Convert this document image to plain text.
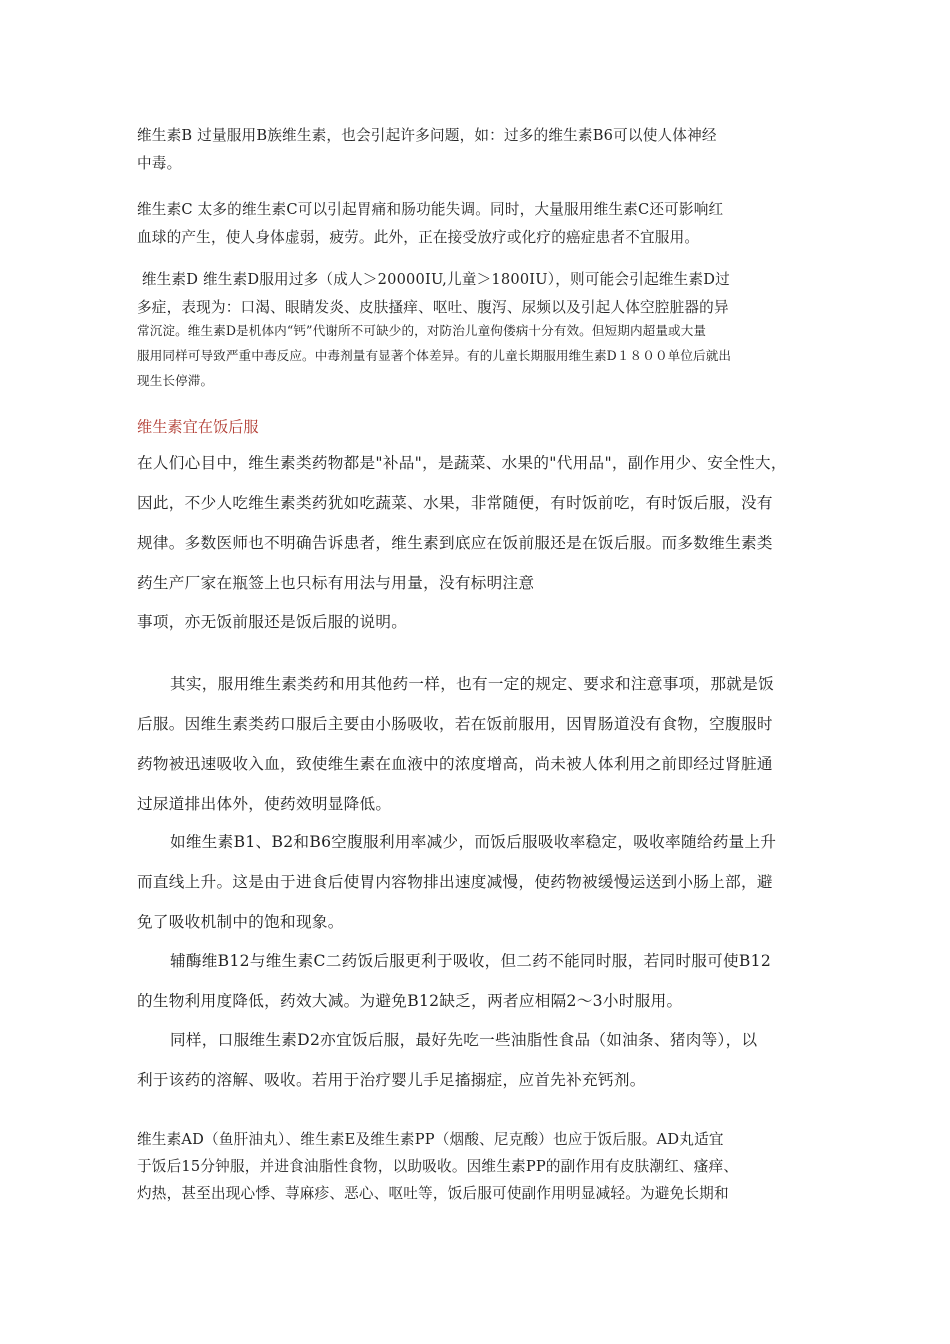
维生素B 过量服用B族维生素，也会引起许多问题，如：过多的维生素B6可以使人体神经
中毒。
维生素C 太多的维生素C可以引起胃痛和肠功能失调。同时，大量服用维生素C还可影响红
血球的产生，使人身体虚弱，疲劳。此外，正在接受放疗或化疗的癌症患者不宜服用。
维生素D 维生素D服用过多（成人＞20000IU,儿童＞1800IU），则可能会引起维生素D过
多症，表现为：口渴、眼睛发炎、皮肤搔痒、呕吐、腹泻、尿频以及引起人体空腔脏器的异
常沉淀。维生素D是机体内“钙”代谢所不可缺少的，对防治儿童佝偻病十分有效。但短期内超量或大量
服用同样可导致严重中毒反应。中毒剂量有显著个体差异。有的儿童长期服用维生素D１８００单位后就出
现生长停滞。
维生素宜在饭后服
在人们心目中，维生素类药物都是"补品"，是蔬菜、水果的"代用品"，副作用少、安全性大，
因此，不少人吃维生素类药犹如吃蔬菜、水果，非常随便，有时饭前吃，有时饭后服，没有
规律。多数医师也不明确告诉患者，维生素到底应在饭前服还是在饭后服。而多数维生素类
药生产厂家在瓶签上也只标有用法与用量，没有标明注意
事项，亦无饭前服还是饭后服的说明。
其实，服用维生素类药和用其他药一样，也有一定的规定、要求和注意事项，那就是饭
后服。因维生素类药口服后主要由小肠吸收，若在饭前服用，因胃肠道没有食物，空腹服时
药物被迅速吸收入血，致使维生素在血液中的浓度增高，尚未被人体利用之前即经过肾脏通
过尿道排出体外，使药效明显降低。
如维生素B1、B2和B6空腹服利用率减少，而饭后服吸收率稳定，吸收率随给药量上升
而直线上升。这是由于进食后使胃内容物排出速度减慢，使药物被缓慢运送到小肠上部，避
免了吸收机制中的饱和现象。
辅酶维B12与维生素C二药饭后服更利于吸收，但二药不能同时服，若同时服可使B12
的生物利用度降低，药效大减。为避免B12缺乏，两者应相隔2～3小时服用。
同样，口服维生素D2亦宜饭后服，最好先吃一些油脂性食品（如油条、猪肉等），以
利于该药的溶解、吸收。若用于治疗婴儿手足搐搦症，应首先补充钙剂。
维生素AD（鱼肝油丸）、维生素E及维生素PP（烟酸、尼克酸）也应于饭后服。AD丸适宜
于饭后15分钟服，并进食油脂性食物，以助吸收。因维生素PP的副作用有皮肤潮红、瘙痒、
灼热，甚至出现心悸、荨麻疹、恶心、呕吐等，饭后服可使副作用明显减轻。为避免长期和
